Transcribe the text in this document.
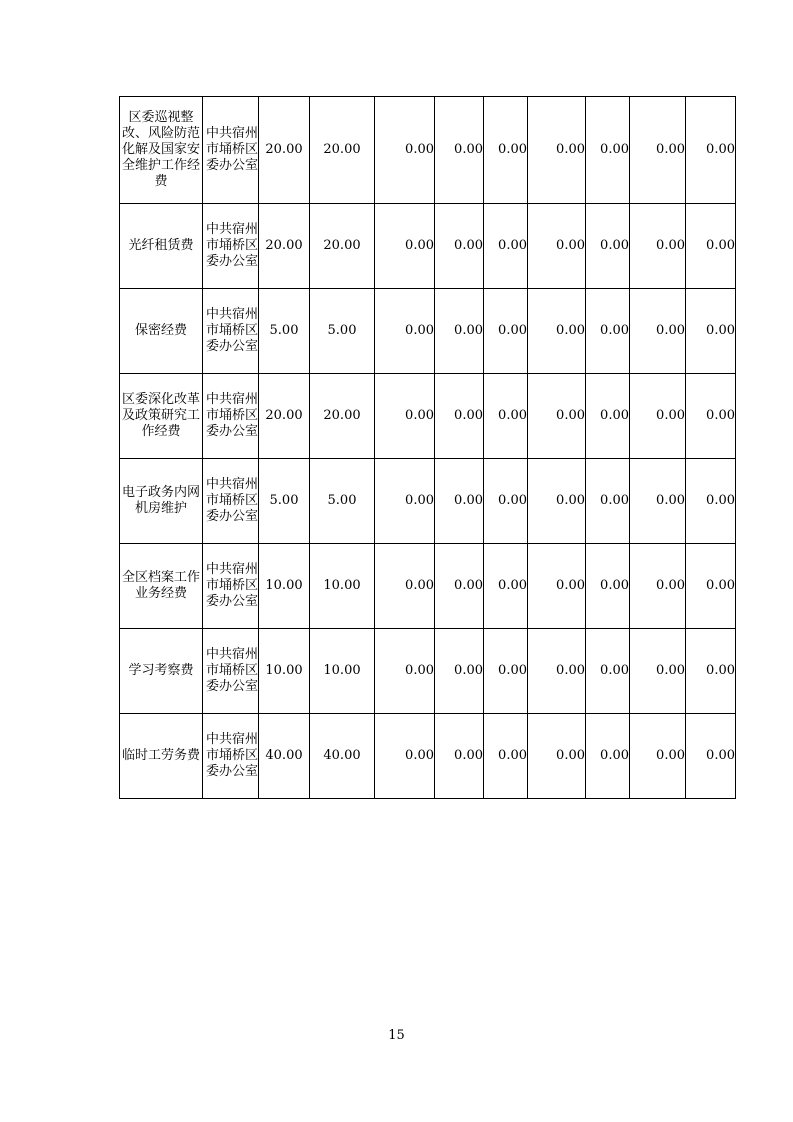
区委巡视整改、风险防范化解及国家安全维护工作经费	中共宿州市埇桥区委办公室	20.00	20.00	0.00	0.00	0.00	0.00	0.00	0.00	0.00
光纤租赁费	中共宿州市埇桥区委办公室	20.00	20.00	0.00	0.00	0.00	0.00	0.00	0.00	0.00
保密经费	中共宿州市埇桥区委办公室	5.00	5.00	0.00	0.00	0.00	0.00	0.00	0.00	0.00
区委深化改革及政策研究工作经费	中共宿州市埇桥区委办公室	20.00	20.00	0.00	0.00	0.00	0.00	0.00	0.00	0.00
电子政务内网机房维护	中共宿州市埇桥区委办公室	5.00	5.00	0.00	0.00	0.00	0.00	0.00	0.00	0.00
全区档案工作业务经费	中共宿州市埇桥区委办公室	10.00	10.00	0.00	0.00	0.00	0.00	0.00	0.00	0.00
学习考察费	中共宿州市埇桥区委办公室	10.00	10.00	0.00	0.00	0.00	0.00	0.00	0.00	0.00
临时工劳务费	中共宿州市埇桥区委办公室	40.00	40.00	0.00	0.00	0.00	0.00	0.00	0.00	0.00
15
